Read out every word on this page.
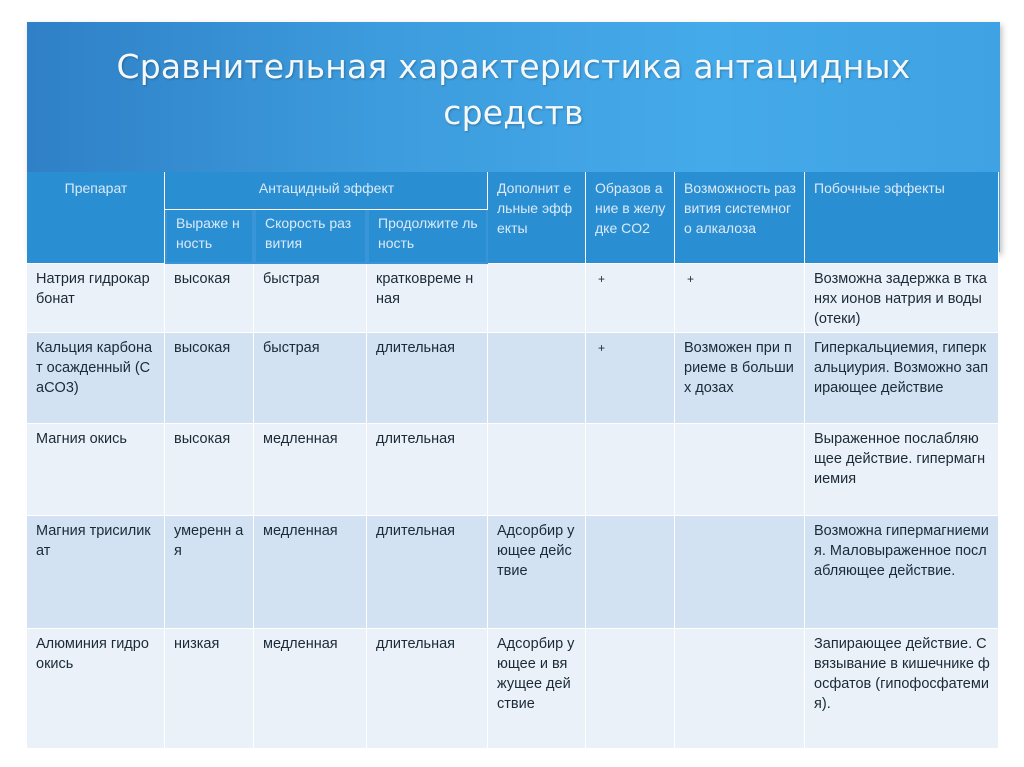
Сравнительная характеристика антацидных
средств
Препарат	Антацидный эффект			Дополнит ельные эффекты	Образов ание в желудке CO2	Возможность развития системного алкалоза	Побочные эффекты
	Выраже нность	Скорость развития	Продолжите льность				
Натрия гидрокарбонат	высокая	быстрая	кратковреме нная		+	+	Возможна задержка в тканях ионов натрия и воды (отеки)
Кальция карбонат осажденный (CaCO3)	высокая	быстрая	длительная		+	Возможен при приеме в больших дозах	Гиперкальциемия, гиперкальциурия. Возможно запирающее действие
Магния окись	высокая	медленная	длительная				Выраженное послабляющее действие. гипермагниемия
Магния трисиликат	умеренн ая	медленная	длительная	Адсорбир ующее действие			Возможна гипермагниемия. Маловыраженное послабляющее действие.
Алюминия гидроокись	низкая	медленная	длительная	Адсорбир ующее и вяжущее действие			Запирающее действие. Связывание в кишечнике фосфатов (гипофосфатемия).
